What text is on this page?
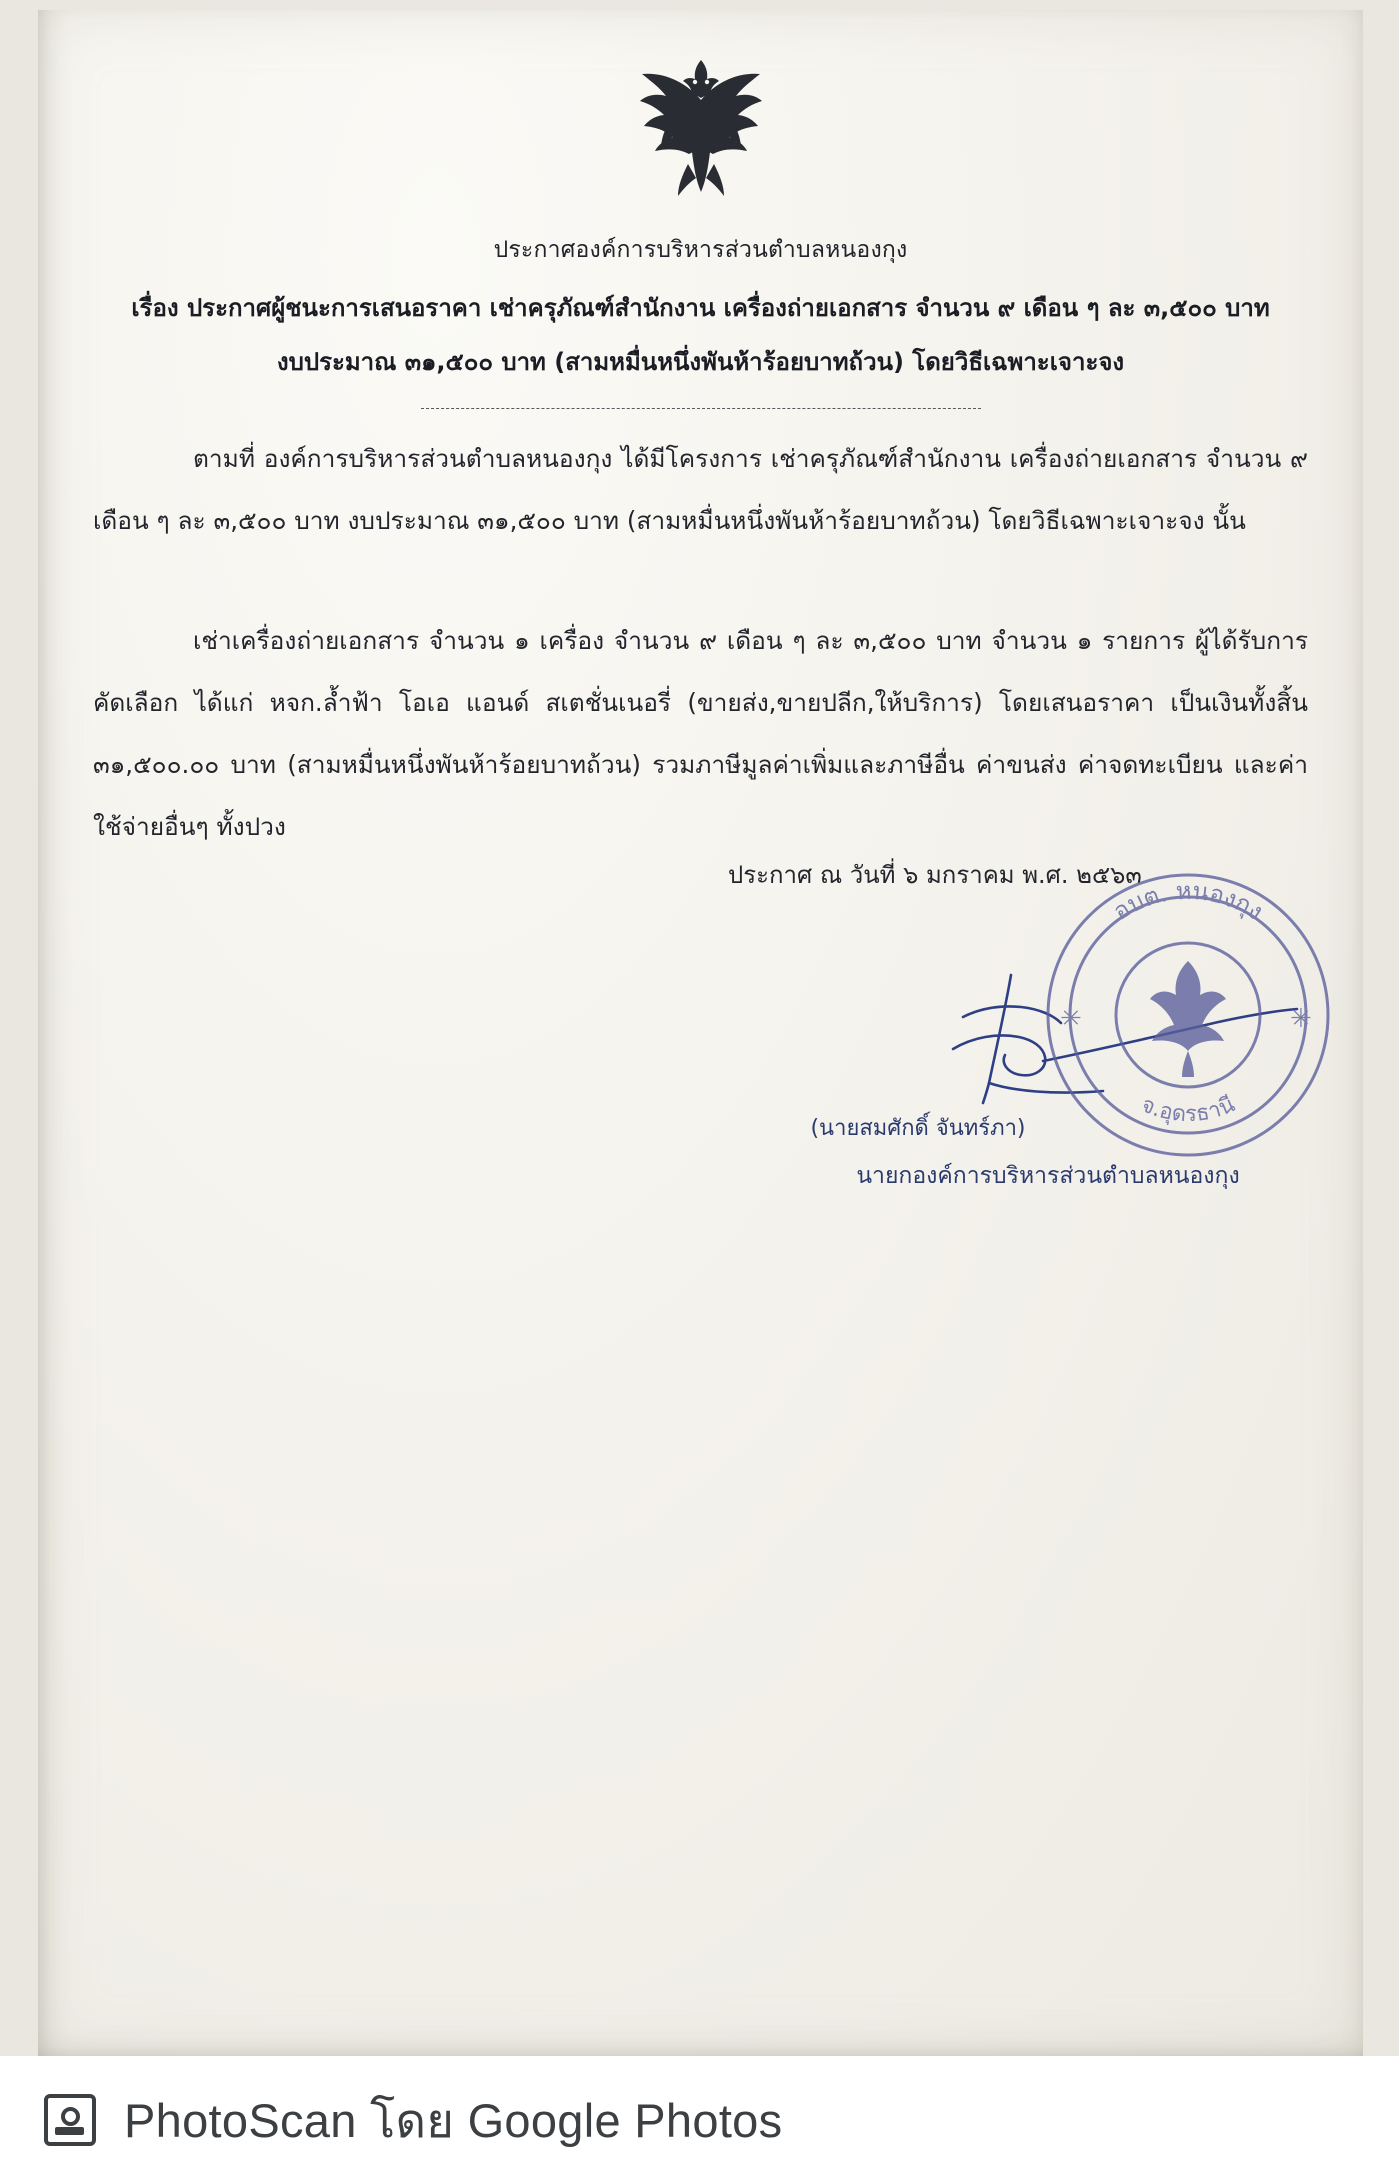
ประกาศองค์การบริหารส่วนตำบลหนองกุง
เรื่อง ประกาศผู้ชนะการเสนอราคา เช่าครุภัณฑ์สำนักงาน เครื่องถ่ายเอกสาร จำนวน ๙ เดือน ๆ ละ ๓,๕๐๐ บาท
งบประมาณ ๓๑,๕๐๐ บาท (สามหมื่นหนึ่งพันห้าร้อยบาทถ้วน) โดยวิธีเฉพาะเจาะจง
ตามที่ องค์การบริหารส่วนตำบลหนองกุง ได้มีโครงการ เช่าครุภัณฑ์สำนักงาน เครื่องถ่ายเอกสาร จำนวน ๙ เดือน ๆ ละ ๓,๕๐๐ บาท งบประมาณ ๓๑,๕๐๐ บาท (สามหมื่นหนึ่งพันห้าร้อยบาทถ้วน) โดยวิธีเฉพาะเจาะจง นั้น
เช่าเครื่องถ่ายเอกสาร จำนวน ๑ เครื่อง จำนวน ๙ เดือน ๆ ละ ๓,๕๐๐ บาท จำนวน ๑ รายการ ผู้ได้รับการคัดเลือก ได้แก่ หจก.ล้ำฟ้า โอเอ แอนด์ สเตชั่นเนอรี่ (ขายส่ง,ขายปลีก,ให้บริการ) โดยเสนอราคา เป็นเงินทั้งสิ้น ๓๑,๕๐๐.๐๐ บาท (สามหมื่นหนึ่งพันห้าร้อยบาทถ้วน) รวมภาษีมูลค่าเพิ่มและภาษีอื่น ค่าขนส่ง ค่าจดทะเบียน และค่าใช้จ่ายอื่นๆ ทั้งปวง
ประกาศ ณ วันที่ ๖ มกราคม พ.ศ. ๒๕๖๓
(นายสมศักดิ์ จันทร์ภา)
นายกองค์การบริหารส่วนตำบลหนองกุง
✳	✳
อบต. หนองกุง
จ.อุดรธานี
PhotoScan โดย Google Photos
